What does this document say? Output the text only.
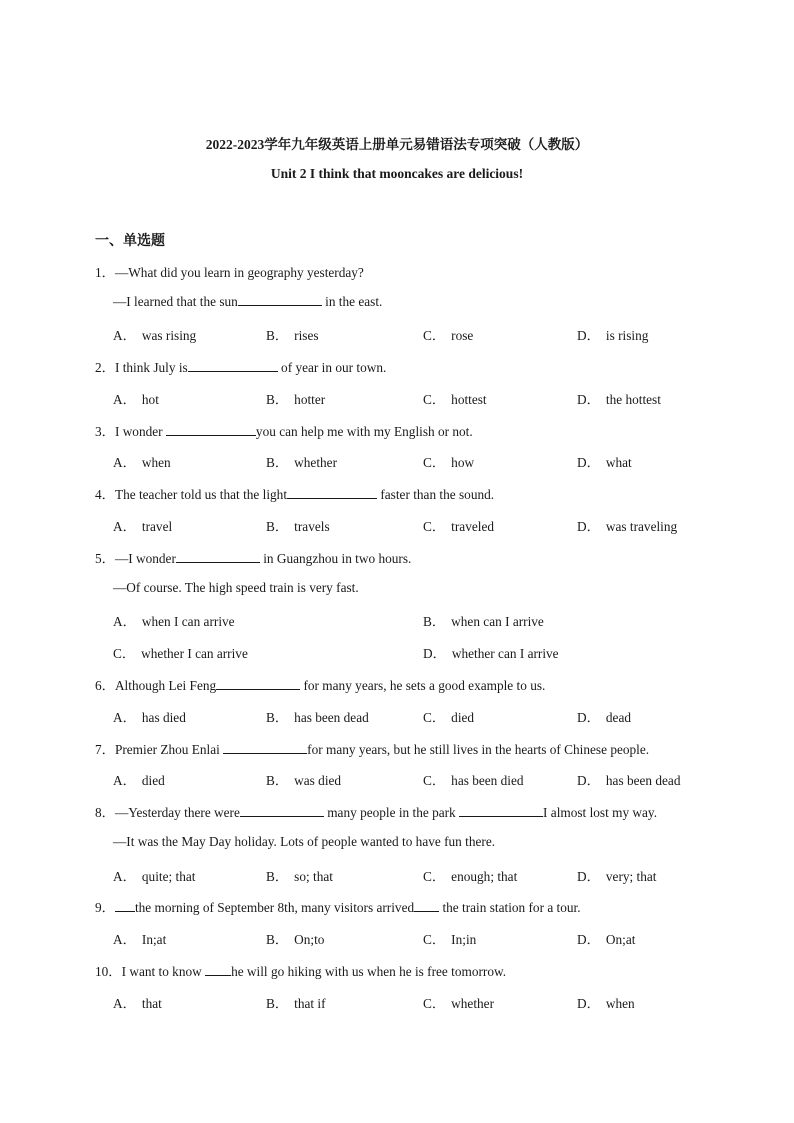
2022-2023学年九年级英语上册单元易错语法专项突破（人教版）
Unit 2 I think that mooncakes are delicious!
一、单选题
1．—What did you learn in geography yesterday?
—I learned that the sun	in the east.
A． was rising	B． rises	C． rose	D． is rising
2．I think July is	of year in our town.
A． hot	B． hotter	C． hottest	D． the hottest
3．I wonder	you can help me with my English or not.
A． when	B． whether	C． how	D． what
4．The teacher told us that the light	faster than the sound.
A． travel	B． travels	C． traveled	D． was traveling
5．—I wonder	in Guangzhou in two hours.
—Of course. The high speed train is very fast.
A． when I can arrive	B． when can I arrive
C． whether I can arrive	D． whether can I arrive
6．Although Lei Feng	for many years, he sets a good example to us.
A． has died	B． has been dead	C． died	D． dead
7．Premier Zhou Enlai	for many years, but he still lives in the hearts of Chinese people.
A． died	B． was died	C． has been died	D． has been dead
8．—Yesterday there were	many people in the park	I almost lost my way.
—It was the May Day holiday. Lots of people wanted to have fun there.
A． quite; that	B． so; that	C． enough; that	D． very; that
9． the morning of September 8th, many visitors arrived the train station for a tour.
A． In;at	B． On;to	C． In;in	D． On;at
10．I want to know he will go hiking with us when he is free tomorrow.
A． that	B． that if	C． whether	D． when
